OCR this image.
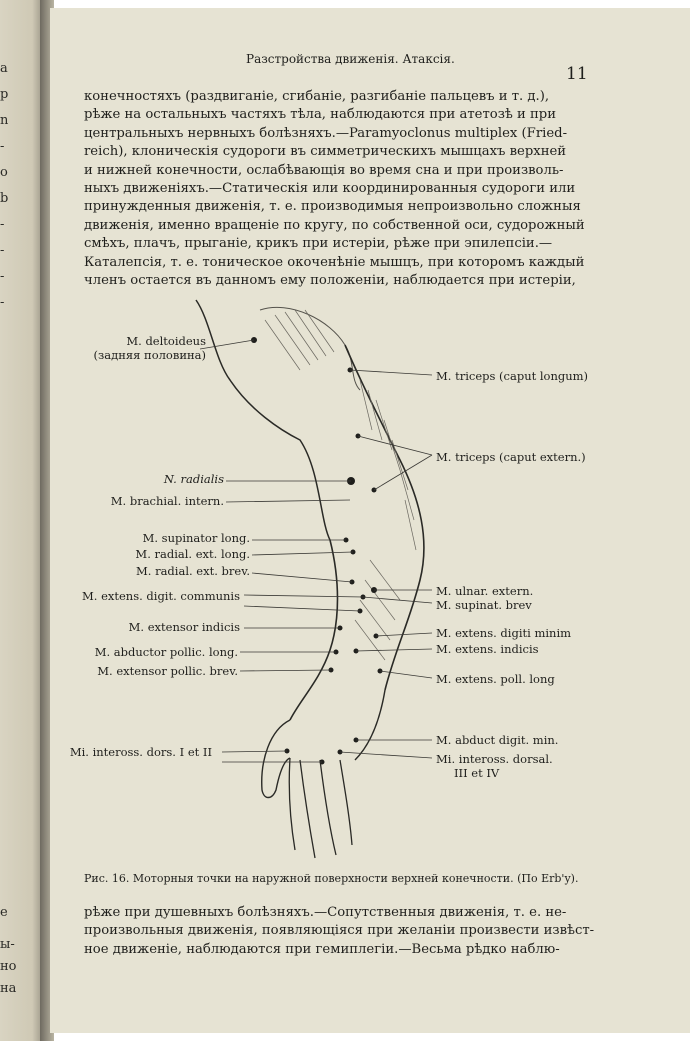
a
p
n
-
o
b
-
-
-
-
e
ы-
но
на
Разстройства движенія. Атаксія.
11
конечностяхъ (раздвиганіе, сгибаніе, разгибаніе пальцевъ и т. д.),
рѣже на остальныхъ частяхъ тѣла, наблюдаются при атетозѣ и при
центральныхъ нервныхъ болѣзняхъ.—Paramyoclonus multiplex (Fried-
reich), клоническія судороги въ симметрическихъ мышцахъ верхней
и нижней конечности, ослабѣвающія во время сна и при произволь-
ныхъ движеніяхъ.—Статическія или координированныя судороги или
принужденныя движенія, т. е. производимыя непроизвольно сложныя
движенія, именно вращеніе по кругу, по собственной оси, судорожный
смѣхъ, плачъ, прыганіе, крикъ при истеріи, рѣже при эпилепсіи.—
Каталепсія, т. е. тоническое окоченѣніе мышцъ, при которомъ каждый
членъ остается въ данномъ ему положеніи, наблюдается при истеріи,
M. deltoideus
(задняя половина)
N. radialis
M. brachial. intern.
M. supinator long.
M. radial. ext. long.
M. radial. ext. brev.
M. extens. digit. communis
M. extensor indicis
M. abductor pollic. long.
M. extensor pollic. brev.
Mi. inteross. dors. I et II
M. triceps (caput longum)
M. triceps (caput extern.)
M. ulnar. extern.
M. supinat. brev
M. extens. digiti minim
M. extens. indicis
M. extens. poll. long
M. abduct digit. min.
Mi. inteross. dorsal.
III et IV
Рис. 16. Моторныя точки на наружной поверхности верхней конечности. (По Erb'y).
рѣже при душевныхъ болѣзняхъ.—Сопутственныя движенія, т. е. не-
произвольныя движенія, появляющіяся при желаніи произвести извѣст-
ное движеніе, наблюдаются при гемиплегіи.—Весьма рѣдко наблю-
